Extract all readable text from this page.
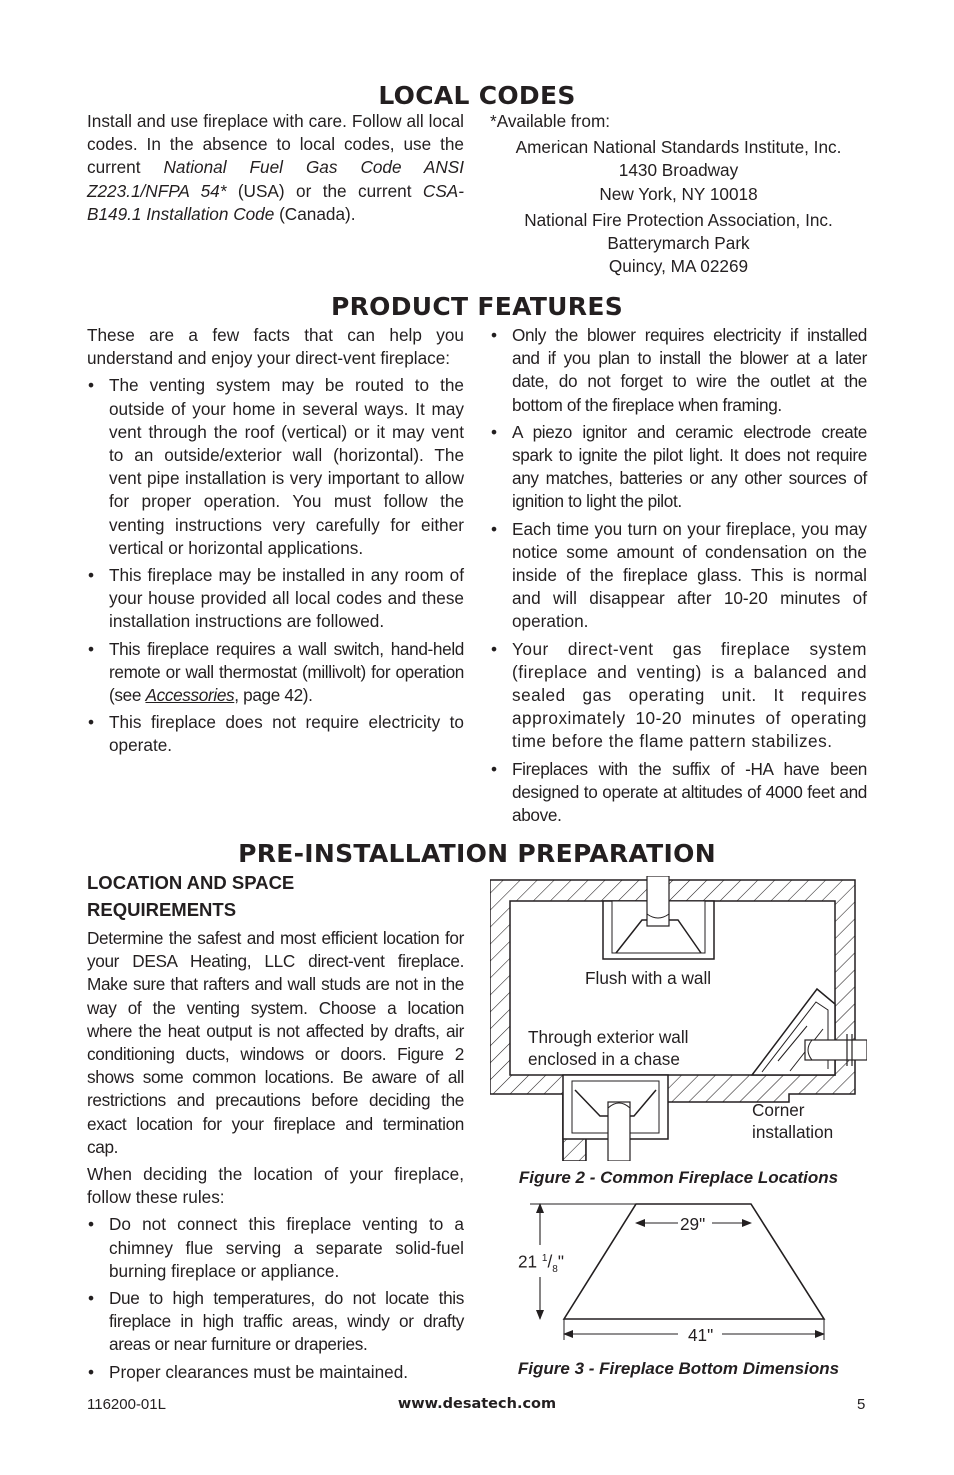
LOCAL CODES

Install and use fireplace with care. Follow all local codes. In the absence to local codes, use the current National Fuel Gas Code ANSI Z223.1/NFPA 54* (USA) or the current CSA-B149.1 Installation Code (Canada).

*Available from:

American National Standards Institute, Inc.
1430 Broadway
New York, NY 10018
National Fire Protection Association, Inc.
Batterymarch Park
Quincy, MA 02269
PRODUCT FEATURES

These are a few facts that can help you understand and enjoy your direct-vent fireplace:

• The venting system may be routed to the outside of your home in several ways. It may vent through the roof (vertical) or it may vent to an outside/exterior wall (horizontal). The vent pipe installation is very important to allow for proper operation. You must follow the venting instructions very carefully for either vertical or horizontal applications.
• This fireplace may be installed in any room of your house provided all local codes and these installation instructions are followed.
• This fireplace requires a wall switch, hand-held remote or wall thermostat (millivolt) for operation (see Accessories, page 42).
• This fireplace does not require electricity to operate.
• Only the blower requires electricity if installed and if you plan to install the blower at a later date, do not forget to wire the outlet at the bottom of the fireplace when framing.
• A piezo ignitor and ceramic electrode create spark to ignite the pilot light. It does not require any matches, batteries or any other sources of ignition to light the pilot.
• Each time you turn on your fireplace, you may notice some amount of condensation on the inside of the fireplace glass. This is normal and will disappear after 10-20 minutes of operation.
• Your direct-vent gas fireplace system (fireplace and venting) is a balanced and sealed gas operating unit. It requires approximately 10-20 minutes of operating time before the flame pattern stabilizes.
• Fireplaces with the suffix of -HA have been designed to operate at altitudes of 4000 feet and above.
PRE-INSTALLATION PREPARATION
LOCATION AND SPACE
REQUIREMENTS

Determine the safest and most efficient location for your DESA Heating, LLC direct-vent fireplace. Make sure that rafters and wall studs are not in the way of the venting system. Choose a location where the heat output is not affected by drafts, air conditioning ducts, windows or doors. Figure 2 shows some common locations. Be aware of all restrictions and precautions before deciding the exact location for your fireplace and termination cap.

When deciding the location of your fireplace, follow these rules:

• Do not connect this fireplace venting to a chimney flue serving a separate solid-fuel burning fireplace or appliance.
• Due to high temperatures, do not locate this fireplace in high traffic areas, windy or drafty areas or near furniture or draperies.
• Proper clearances must be maintained.
Flush with a wall
Through exterior wall
enclosed in a chase
Corner
installation
Figure 2 - Common Fireplace Locations
29"
21 $^1/_8$"
41"
Figure 3 - Fireplace Bottom Dimensions
116200-01L	www.desatech.com	5
